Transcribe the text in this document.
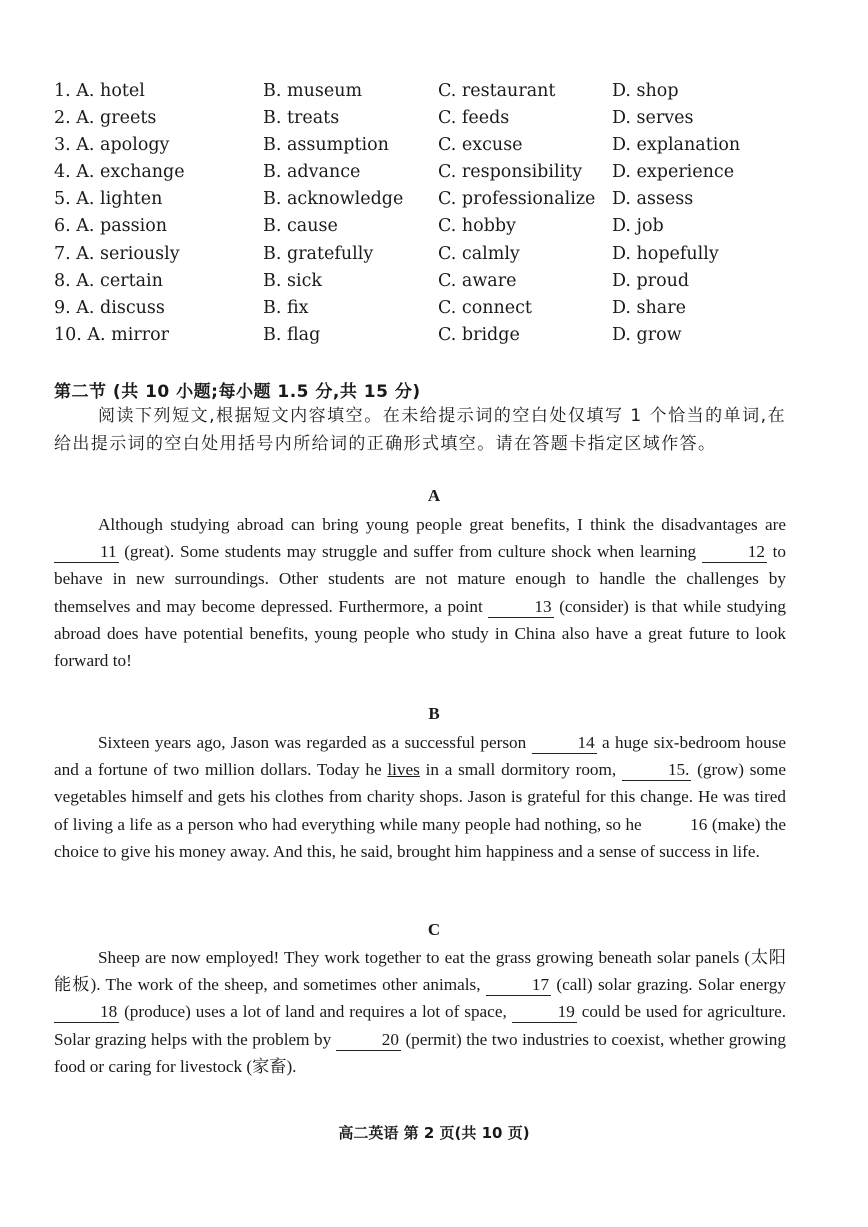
1. A. hotel	B. museum	C. restaurant	D. shop
2. A. greets	B. treats	C. feeds	D. serves
3. A. apology	B. assumption	C. excuse	D. explanation
4. A. exchange	B. advance	C. responsibility D. experience
5. A. lighten	B. acknowledge C. professionalize D. assess
6. A. passion	B. cause	C. hobby	D. job
7. A. seriously	B. gratefully	C. calmly	D. hopefully
8. A. certain	B. sick	C. aware	D. proud
9. A. discuss	B. fix	C. connect	D. share
10. A. mirror	B. flag	C. bridge	D. grow
第二节 (共 10 小题;每小题 1.5 分,共 15 分)
阅读下列短文,根据短文内容填空。在未给提示词的空白处仅填写 1 个恰当的单词,在给出提示词的空白处用括号内所给词的正确形式填空。请在答题卡指定区域作答。
A

Although studying abroad can bring young people great benefits, I think the disadvantages are 11 (great). Some students may struggle and suffer from culture shock when learning	12 to behave in new surroundings. Other students are not mature enough to handle the challenges by themselves and may become depressed. Furthermore, a point	13 (consider) is that while studying abroad does have potential benefits, young people who study in China also have a great future to look forward to!

B

Sixteen years ago, Jason was regarded as a successful person	14 a huge six-bedroom house and a fortune of two million dollars. Today he lives in a small dormitory room,	15. (grow) some vegetables himself and gets his clothes from charity shops. Jason is grateful for this change. He was tired of living a life as a person who had everything while many people had nothing, so he	16 (make) the choice to give his money away. And this, he said, brought him happiness and a sense of success in life.

C

Sheep are now employed! They work together to eat the grass growing beneath solar panels (太阳能板). The work of the sheep, and sometimes other animals,	17 (call) solar grazing. Solar energy 18 (produce) uses a lot of land and requires a lot of space,	19 could be used for agriculture. Solar grazing helps with the problem by	20 (permit) the two industries to coexist, whether growing food or caring for livestock (家畜).

高二英语 第 2 页(共 10 页)
